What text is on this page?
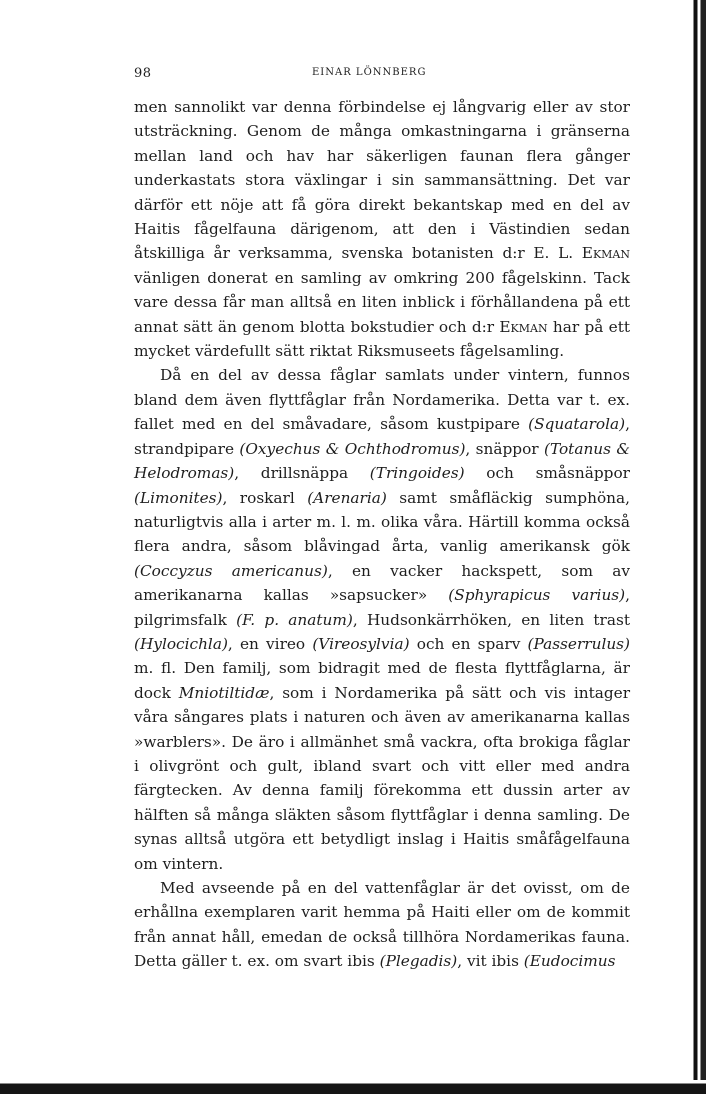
98	EINAR LÖNNBERG

men sannolikt var denna förbindelse ej långvarig eller av stor utsträckning. Genom de många omkastningarna i gränserna mellan land och hav har säkerligen faunan flera gånger underkastats stora växlingar i sin sammansättning. Det var därför ett nöje att få göra direkt bekantskap med en del av Haitis fågelfauna därigenom, att den i Västindien sedan åtskilliga år verksamma, svenska botanisten d:r E. L. Ekman vänligen donerat en samling av omkring 200 fågelskinn. Tack vare dessa får man alltså en liten inblick i förhållandena på ett annat sätt än genom blotta bokstudier och d:r Ekman har på ett mycket värdefullt sätt riktat Riksmuseets fågelsamling.

Då en del av dessa fåglar samlats under vintern, funnos bland dem även flyttfåglar från Nordamerika. Detta var t. ex. fallet med en del småvadare, såsom kustpipare (Squatarola), strandpipare (Oxyechus & Ochthodromus), snäppor (Totanus & Helodromas), drillsnäppa (Tringoides) och småsnäppor (Limonites), roskarl (Arenaria) samt småfläckig sumphöna, naturligtvis alla i arter m. l. m. olika våra. Härtill komma också flera andra, såsom blåvingad årta, vanlig amerikansk gök (Coccyzus americanus), en vacker hackspett, som av amerikanarna kallas »sapsucker» (Sphyrapicus varius), pilgrimsfalk (F. p. anatum), Hudsonkärrhöken, en liten trast (Hylocichla), en vireo (Vireosylvia) och en sparv (Passerrulus) m. fl. Den familj, som bidragit med de flesta flyttfåglarna, är dock Mniotiltidæ, som i Nordamerika på sätt och vis intager våra sångares plats i naturen och även av amerikanarna kallas »warblers». De äro i allmänhet små vackra, ofta brokiga fåglar i olivgrönt och gult, ibland svart och vitt eller med andra färgtecken. Av denna familj förekomma ett dussin arter av hälften så många släkten såsom flyttfåglar i denna samling. De synas alltså utgöra ett betydligt inslag i Haitis småfågelfauna om vintern.

Med avseende på en del vattenfåglar är det ovisst, om de erhållna exemplaren varit hemma på Haiti eller om de kommit från annat håll, emedan de också tillhöra Nordamerikas fauna. Detta gäller t. ex. om svart ibis (Plegadis), vit ibis (Eudocimus
